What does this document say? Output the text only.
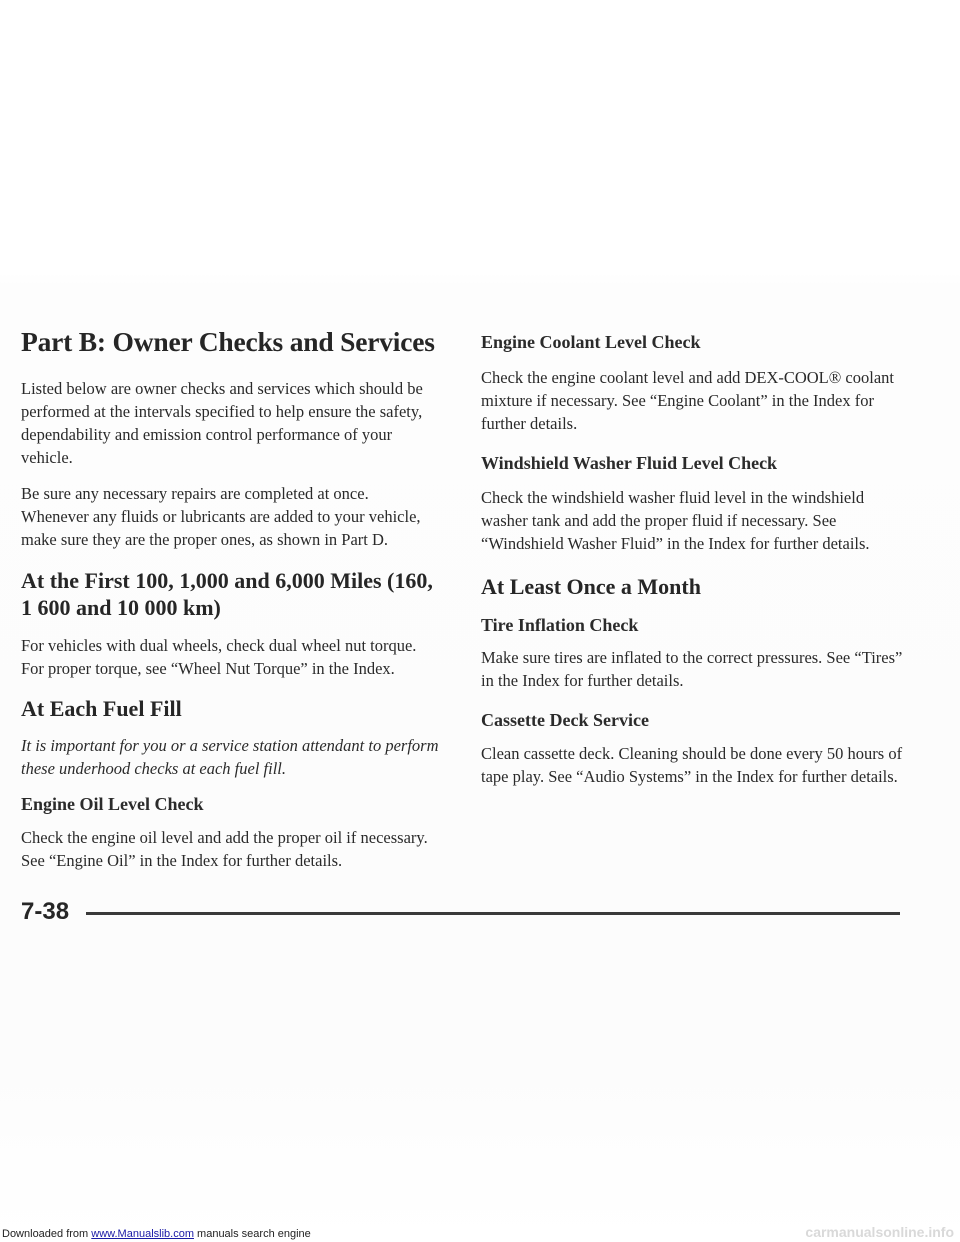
Part B: Owner Checks and Services

Listed below are owner checks and services which should be performed at the intervals specified to help ensure the safety, dependability and emission control performance of your vehicle.

Be sure any necessary repairs are completed at once. Whenever any fluids or lubricants are added to your vehicle, make sure they are the proper ones, as shown in Part D.

At the First 100, 1,000 and 6,000 Miles (160, 1 600 and 10 000 km)

For vehicles with dual wheels, check dual wheel nut torque. For proper torque, see “Wheel Nut Torque” in the Index.

At Each Fuel Fill

It is important for you or a service station attendant to perform these underhood checks at each fuel fill.

Engine Oil Level Check

Check the engine oil level and add the proper oil if necessary. See “Engine Oil” in the Index for further details.

Engine Coolant Level Check

Check the engine coolant level and add DEX-COOL® coolant mixture if necessary. See “Engine Coolant” in the Index for further details.

Windshield Washer Fluid Level Check

Check the windshield washer fluid level in the windshield washer tank and add the proper fluid if necessary. See “Windshield Washer Fluid” in the Index for further details.

At Least Once a Month
Tire Inflation Check

Make sure tires are inflated to the correct pressures. See “Tires” in the Index for further details.

Cassette Deck Service

Clean cassette deck. Cleaning should be done every 50 hours of tape play. See “Audio Systems” in the Index for further details.

7-38
Downloaded from www.Manualslib.com manuals search engine	carmanualsonline.info
